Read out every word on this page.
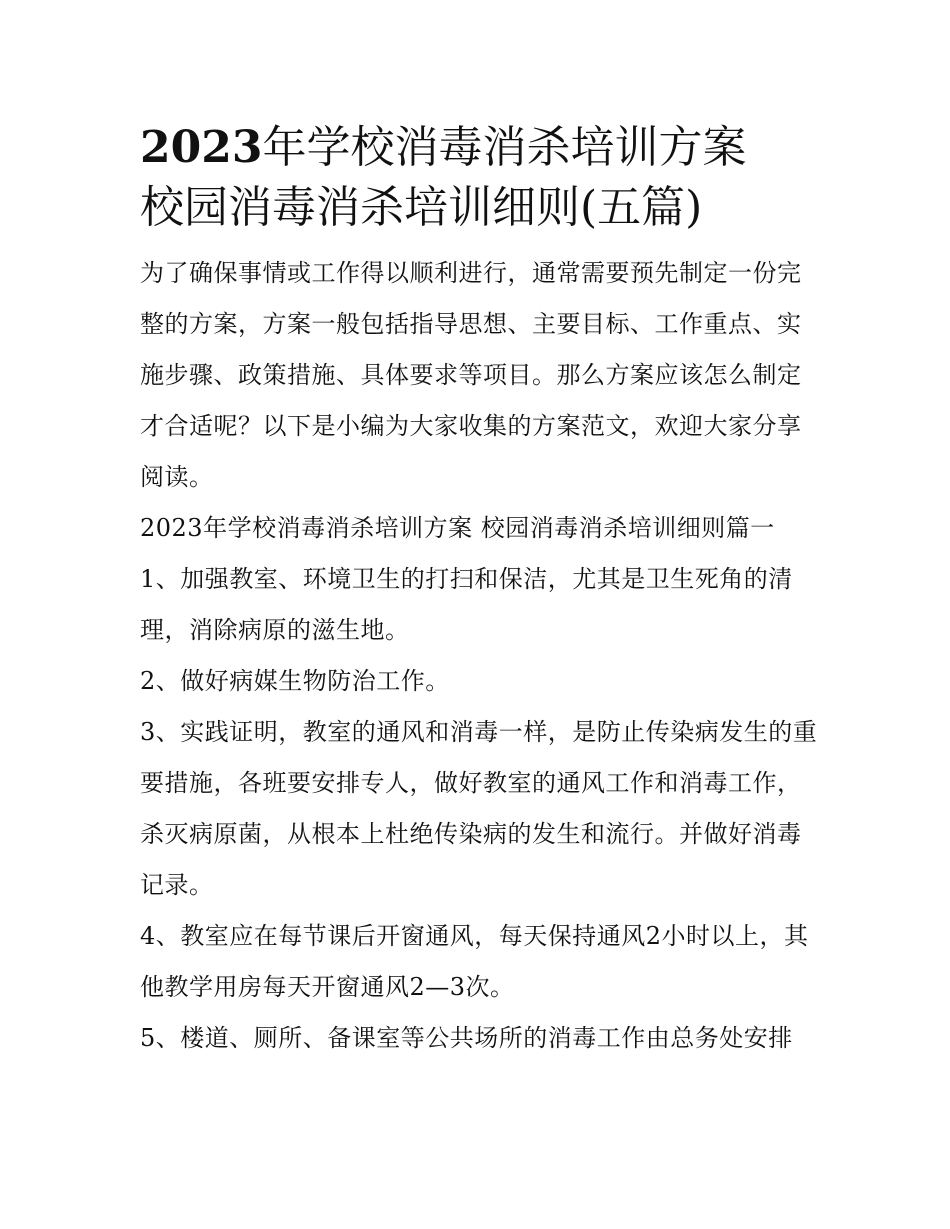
2023年学校消毒消杀培训方案
校园消毒消杀培训细则(五篇)

为了确保事情或工作得以顺利进行，通常需要预先制定一份完整的方案，方案一般包括指导思想、主要目标、工作重点、实施步骤、政策措施、具体要求等项目。那么方案应该怎么制定才合适呢？以下是小编为大家收集的方案范文，欢迎大家分享阅读。

2023年学校消毒消杀培训方案 校园消毒消杀培训细则篇一

1、加强教室、环境卫生的打扫和保洁，尤其是卫生死角的清理，消除病原的滋生地。

2、做好病媒生物防治工作。

3、实践证明，教室的通风和消毒一样，是防止传染病发生的重要措施，各班要安排专人，做好教室的通风工作和消毒工作，杀灭病原菌，从根本上杜绝传染病的发生和流行。并做好消毒记录。

4、教室应在每节课后开窗通风，每天保持通风2小时以上，其他教学用房每天开窗通风2—3次。

5、楼道、厕所、备课室等公共场所的消毒工作由总务处安排
